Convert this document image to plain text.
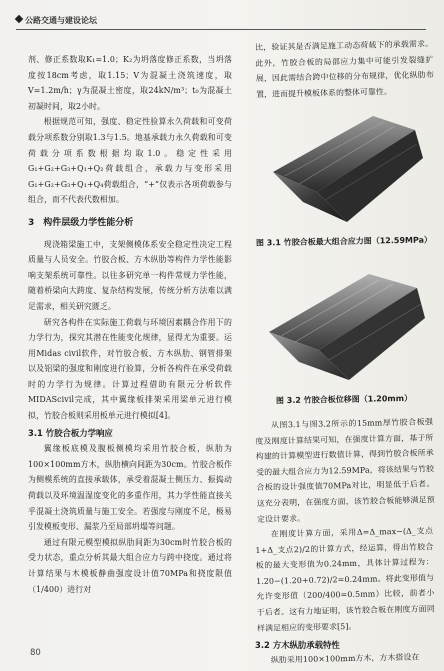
公路交通与建设论坛

剂、修正系数取K₁=1.0；K₂为坍落度修正系数，当坍落度按18cm考虑，取1.15；V为混凝土浇筑速度，取V=1.2m/h；γ为混凝土密度，取24kN/m³；t₀为混凝土初凝时间，取2小时。

根据规范可知，强度、稳定性验算永久荷载和可变荷载分项系数分别取1.3与1.5。地基承载力永久荷载和可变荷载分项系数根据均取1.0。稳定性采用G₁+G₂+G₃+Q₁+Q₂荷载组合，承载力与变形采用G₁+G₂+G₃+Q₁+Q₄荷载组合，“+”仅表示各项荷载参与组合，而不代表代数相加。

3　构件层级力学性能分析

现浇箱梁施工中，支架侧模体系安全稳定性决定工程质量与人员安全。竹胶合板、方木纵肋等构件力学性能影响支架系统可靠性。以往多研究单一构件常规力学性能，随着桥梁向大跨度、复杂结构发展，传统分析方法难以满足需求，相关研究匮乏。

研究各构件在实际施工荷载与环境因素耦合作用下的力学行为，探究其潜在性能变化规律，显得尤为重要。运用Midas civil软件，对竹胶合板、方木纵肋、钢管排架以及铝梁的强度和刚度进行验算，分析各构件在承受荷载时的力学行为规律。计算过程借助有限元分析软件MIDAScivil完成，其中翼缘板排架采用梁单元进行模拟，竹胶合板则采用板单元进行模拟[4]。

3.1 竹胶合板力学响应

翼缘板底模及腹板侧模均采用竹胶合板，纵肋为100×100mm方木，纵肋横向间距为30cm。竹胶合板作为侧模系统的直接承载体，承受着混凝土侧压力、振捣动荷载以及环境温湿度变化的多重作用，其力学性能直接关乎混凝土浇筑质量与施工安全。若强度与刚度不足，极易引发模板变形、漏浆乃至局部坍塌等问题。

通过有限元模型模拟纵肋间距为30cm时竹胶合板的受力状态，重点分析其最大组合应力与跨中挠度。通过将计算结果与木模板静曲强度设计值70MPa和挠度限值（1/400）进行对

比，验证其是否满足施工动态荷载下的承载需求。此外，竹胶合板的局部应力集中可能引发裂缝扩展，因此需结合跨中位移的分布规律，优化纵肋布置，进而提升模板体系的整体可靠性。

图 3.1 竹胶合板最大组合应力图（12.59MPa）
图 3.2 竹胶合板位移图（1.20mm）

从图3.1与图3.2所示的15mm厚竹胶合板强度及刚度计算结果可知，在强度计算方面，基于所构建的计算模型进行数值计算，得到竹胶合板所承受的最大组合应力为12.59MPa，将该结果与竹胶合板的设计强度值70MPa对比，明显低于后者。这充分表明，在强度方面，该竹胶合板能够满足预定设计要求。

在刚度计算方面，采用Δ=Δ_max−(Δ_支点1+Δ_支点2)/2的计算方式，经运算，得出竹胶合板的最大变形值为0.24mm，具体计算过程为：1.20−(1.20+0.72)/2=0.24mm。将此变形值与允许变形值（200/400=0.5mm）比较，前者小于后者。这有力地证明，该竹胶合板在刚度方面同样满足相应的变形要求[5]。

3.2 方木纵肋承载特性

纵肋采用100×100mm方木，方木搭设在

80
